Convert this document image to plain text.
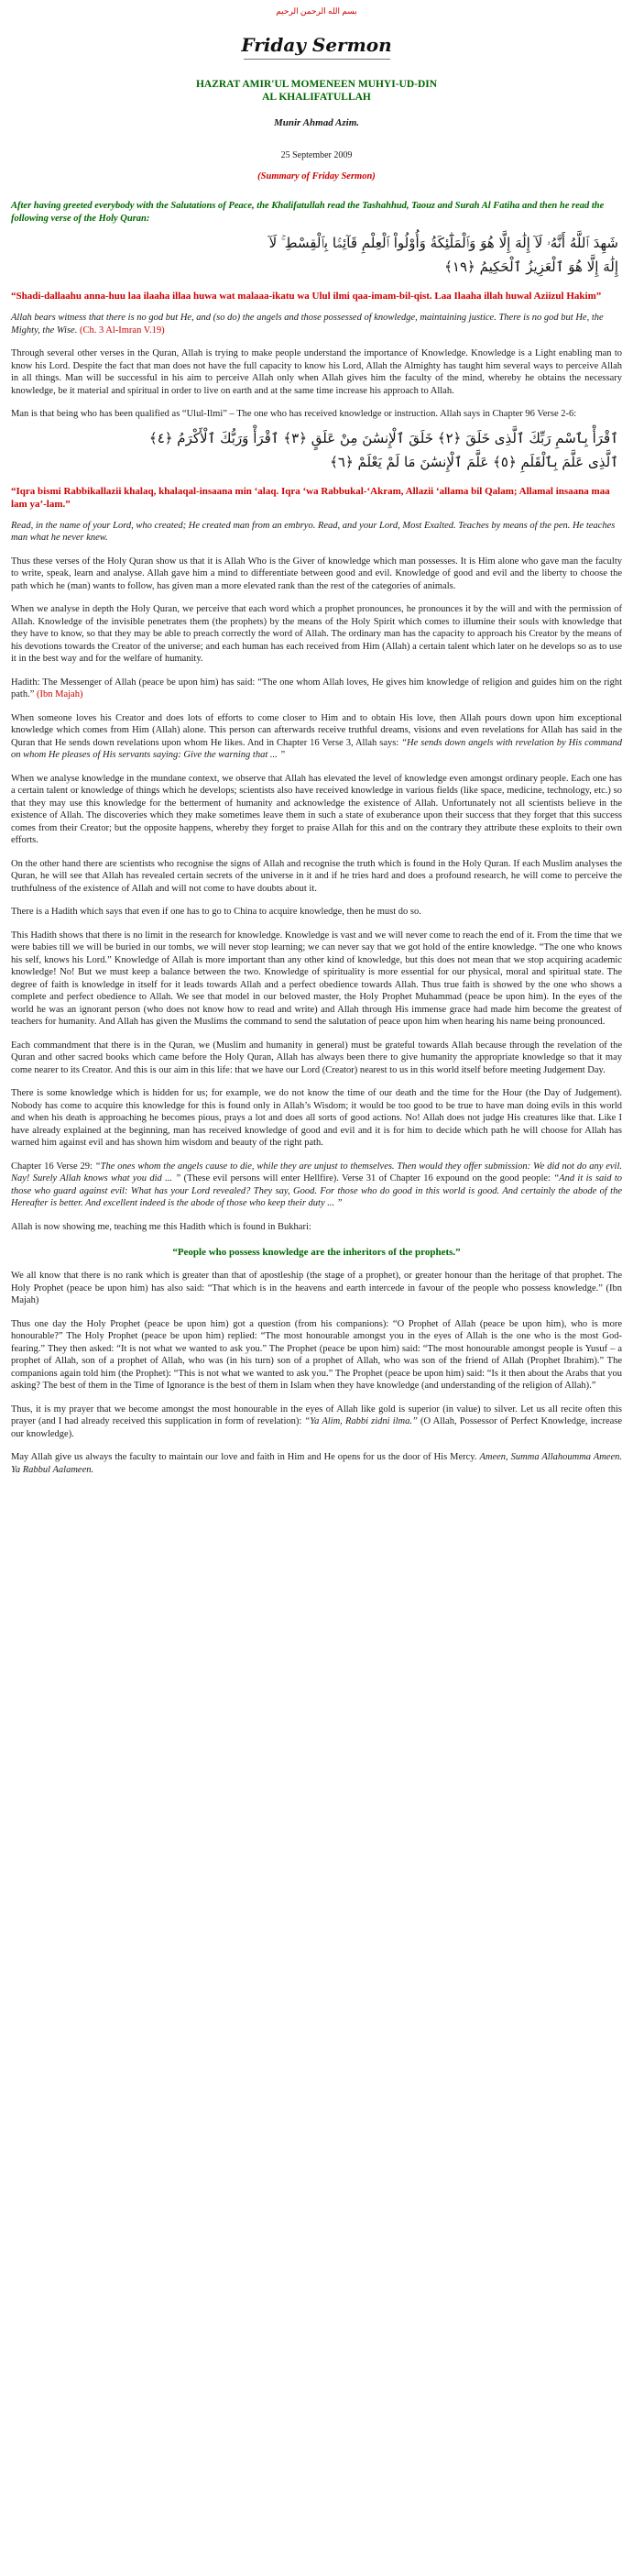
بسم الله الرحمن الرحيم

Friday Sermon
HAZRAT AMIR'UL MOMENEEN MUHYI-UD-DIN
AL KHALIFATULLAH

Munir Ahmad Azim.

25 September 2009

(Summary of Friday Sermon)

After having greeted everybody with the Salutations of Peace, the Khalifatullah read the Tashahhud, Taouz and Surah Al Fatiha and then he read the following verse of the Holy Quran:

شَهِدَ ٱللَّهُ أَنَّهُۥ لَآ إِلَٰهَ إِلَّا هُوَ وَٱلْمَلَٰٓئِكَةُ وَأُوْلُواْ ٱلْعِلْمِ قَآئِمَۢا بِٱلْقِسْطِ ۚ لَآ
إِلَٰهَ إِلَّا هُوَ ٱلْعَزِيزُ ٱلْحَكِيمُ ﴿١٩﴾

“Shadi-dallaahu anna-huu laa ilaaha illaa huwa wat malaaa-ikatu wa Ulul ilmi qaa-imam-bil-qist. Laa Ilaaha illah huwal Aziizul Hakim”

Allah bears witness that there is no god but He, and (so do) the angels and those possessed of knowledge, maintaining justice. There is no god but He, the Mighty, the Wise. (Ch. 3 Al-Imran V.19)

Through several other verses in the Quran, Allah is trying to make people understand the importance of Knowledge. Knowledge is a Light enabling man to know his Lord. Despite the fact that man does not have the full capacity to know his Lord, Allah the Almighty has taught him several ways to perceive Allah in all things. Man will be successful in his aim to perceive Allah only when Allah gives him the faculty of the mind, whereby he obtains the necessary knowledge, be it material and spiritual in order to live on earth and at the same time increase his approach to Allah.

Man is that being who has been qualified as “Ulul-Ilmi” – The one who has received knowledge or instruction. Allah says in Chapter 96 Verse 2-6:

ٱقْرَأْ بِٱسْمِ رَبِّكَ ٱلَّذِى خَلَقَ ﴿٢﴾ خَلَقَ ٱلْإِنسَٰنَ مِنْ عَلَقٍ ﴿٣﴾ ٱقْرَأْ وَرَبُّكَ ٱلْأَكْرَمُ ﴿٤﴾
ٱلَّذِى عَلَّمَ بِٱلْقَلَمِ ﴿٥﴾ عَلَّمَ ٱلْإِنسَٰنَ مَا لَمْ يَعْلَمْ ﴿٦﴾

“Iqra bismi Rabbikallazii khalaq, khalaqal-insaana min ‘alaq. Iqra ‘wa Rabbukal-‘Akram, Allazii ‘allama bil Qalam; Allamal insaana maa lam ya’-lam.”

Read, in the name of your Lord, who created; He created man from an embryo. Read, and your Lord, Most Exalted. Teaches by means of the pen. He teaches man what he never knew.

Thus these verses of the Holy Quran show us that it is Allah Who is the Giver of knowledge which man possesses. It is Him alone who gave man the faculty to write, speak, learn and analyse. Allah gave him a mind to differentiate between good and evil. Knowledge of good and evil and the liberty to choose the path which he (man) wants to follow, has given man a more elevated rank than the rest of the categories of animals.

When we analyse in depth the Holy Quran, we perceive that each word which a prophet pronounces, he pronounces it by the will and with the permission of Allah. Knowledge of the invisible penetrates them (the prophets) by the means of the Holy Spirit which comes to illumine their souls with knowledge that they have to know, so that they may be able to preach correctly the word of Allah. The ordinary man has the capacity to approach his Creator by the means of his devotions towards the Creator of the universe; and each human has each received from Him (Allah) a certain talent which later on he develops so as to use it in the best way and for the welfare of humanity.

Hadith: The Messenger of Allah (peace be upon him) has said: “The one whom Allah loves, He gives him knowledge of religion and guides him on the right path.” (Ibn Majah)

When someone loves his Creator and does lots of efforts to come closer to Him and to obtain His love, then Allah pours down upon him exceptional knowledge which comes from Him (Allah) alone. This person can afterwards receive truthful dreams, visions and even revelations for Allah has said in the Quran that He sends down revelations upon whom He likes. And in Chapter 16 Verse 3, Allah says: “He sends down angels with revelation by His command on whom He pleases of His servants saying: Give the warning that ... ”

When we analyse knowledge in the mundane context, we observe that Allah has elevated the level of knowledge even amongst ordinary people. Each one has a certain talent or knowledge of things which he develops; scientists also have received knowledge in various fields (like space, medicine, technology, etc.) so that they may use this knowledge for the betterment of humanity and acknowledge the existence of Allah. Unfortunately not all scientists believe in the existence of Allah. The discoveries which they make sometimes leave them in such a state of exuberance upon their success that they forget that this success comes from their Creator; but the opposite happens, whereby they forget to praise Allah for this and on the contrary they attribute these exploits to their own efforts.

On the other hand there are scientists who recognise the signs of Allah and recognise the truth which is found in the Holy Quran. If each Muslim analyses the Quran, he will see that Allah has revealed certain secrets of the universe in it and if he tries hard and does a profound research, he will come to perceive the truthfulness of the existence of Allah and will not come to have doubts about it.

There is a Hadith which says that even if one has to go to China to acquire knowledge, then he must do so.

This Hadith shows that there is no limit in the research for knowledge. Knowledge is vast and we will never come to reach the end of it. From the time that we were babies till we will be buried in our tombs, we will never stop learning; we can never say that we got hold of the entire knowledge. “The one who knows his self, knows his Lord.” Knowledge of Allah is more important than any other kind of knowledge, but this does not mean that we stop acquiring academic knowledge! No! But we must keep a balance between the two. Knowledge of spirituality is more essential for our physical, moral and spiritual state. The degree of faith is knowledge in itself for it leads towards Allah and a perfect obedience towards Allah. Thus true faith is showed by the one who shows a complete and perfect obedience to Allah. We see that model in our beloved master, the Holy Prophet Muhammad (peace be upon him). In the eyes of the world he was an ignorant person (who does not know how to read and write) and Allah through His immense grace had made him become the greatest of teachers for humanity. And Allah has given the Muslims the command to send the salutation of peace upon him when hearing his name being pronounced.

Each commandment that there is in the Quran, we (Muslim and humanity in general) must be grateful towards Allah because through the revelation of the Quran and other sacred books which came before the Holy Quran, Allah has always been there to give humanity the appropriate knowledge so that it may come nearer to its Creator. And this is our aim in this life: that we have our Lord (Creator) nearest to us in this world itself before meeting Judgement Day.

There is some knowledge which is hidden for us; for example, we do not know the time of our death and the time for the Hour (the Day of Judgement). Nobody has come to acquire this knowledge for this is found only in Allah’s Wisdom; it would be too good to be true to have man doing evils in this world and when his death is approaching he becomes pious, prays a lot and does all sorts of good actions. No! Allah does not judge His creatures like that. Like I have already explained at the beginning, man has received knowledge of good and evil and it is for him to decide which path he will choose for Allah has warned him against evil and has shown him wisdom and beauty of the right path.

Chapter 16 Verse 29: “The ones whom the angels cause to die, while they are unjust to themselves. Then would they offer submission: We did not do any evil. Nay! Surely Allah knows what you did ... ” (These evil persons will enter Hellfire). Verse 31 of Chapter 16 expound on the good people: “And it is said to those who guard against evil: What has your Lord revealed? They say, Good. For those who do good in this world is good. And certainly the abode of the Hereafter is better. And excellent indeed is the abode of those who keep their duty ... ”

Allah is now showing me, teaching me this Hadith which is found in Bukhari:

“People who possess knowledge are the inheritors of the prophets.”

We all know that there is no rank which is greater than that of apostleship (the stage of a prophet), or greater honour than the heritage of that prophet. The Holy Prophet (peace be upon him) has also said: “That which is in the heavens and earth intercede in favour of the people who possess knowledge.” (Ibn Majah)

Thus one day the Holy Prophet (peace be upon him) got a question (from his companions): “O Prophet of Allah (peace be upon him), who is more honourable?” The Holy Prophet (peace be upon him) replied: “The most honourable amongst you in the eyes of Allah is the one who is the most God-fearing.” They then asked: “It is not what we wanted to ask you.” The Prophet (peace be upon him) said: “The most honourable amongst people is Yusuf – a prophet of Allah, son of a prophet of Allah, who was (in his turn) son of a prophet of Allah, who was son of the friend of Allah (Prophet Ibrahim).” The companions again told him (the Prophet): “This is not what we wanted to ask you.” The Prophet (peace be upon him) said: “Is it then about the Arabs that you asking? The best of them in the Time of Ignorance is the best of them in Islam when they have knowledge (and understanding of the religion of Allah).”

Thus, it is my prayer that we become amongst the most honourable in the eyes of Allah like gold is superior (in value) to silver. Let us all recite often this prayer (and I had already received this supplication in form of revelation): “Ya Alim, Rabbi zidni ilma.” (O Allah, Possessor of Perfect Knowledge, increase our knowledge).

May Allah give us always the faculty to maintain our love and faith in Him and He opens for us the door of His Mercy. Ameen, Summa Allahoumma Ameen. Ya Rabbul Aalameen.
